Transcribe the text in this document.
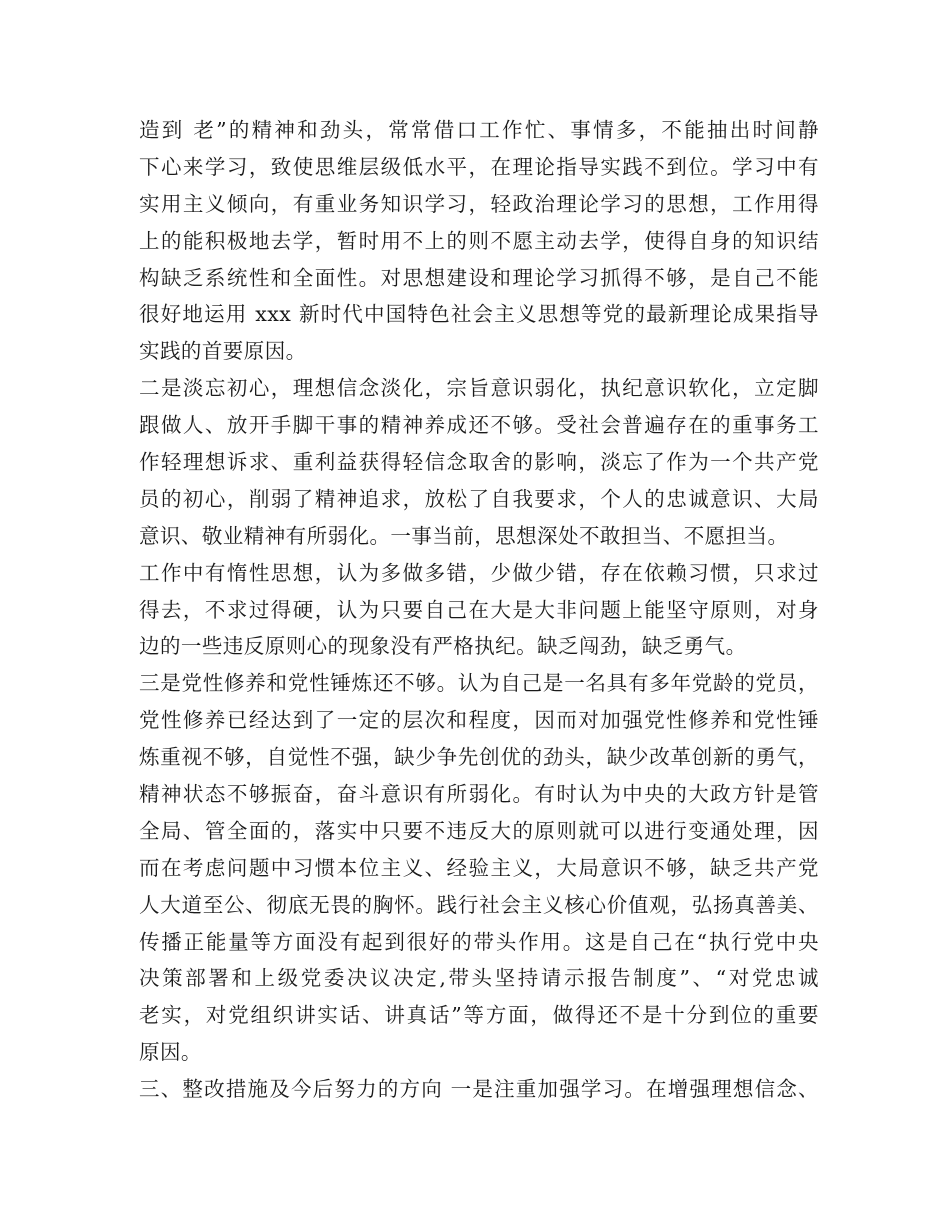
造到 老”的精神和劲头，常常借口工作忙、事情多，不能抽出时间静
下心来学习，致使思维层级低水平，在理论指导实践不到位。学习中有
实用主义倾向，有重业务知识学习，轻政治理论学习的思想，工作用得
上的能积极地去学，暂时用不上的则不愿主动去学，使得自身的知识结
构缺乏系统性和全面性。对思想建设和理论学习抓得不够，是自己不能
很好地运用 xxx 新时代中国特色社会主义思想等党的最新理论成果指导
实践的首要原因。
二是淡忘初心，理想信念淡化，宗旨意识弱化，执纪意识软化，立定脚
跟做人、放开手脚干事的精神养成还不够。受社会普遍存在的重事务工
作轻理想诉求、重利益获得轻信念取舍的影响，淡忘了作为一个共产党
员的初心，削弱了精神追求，放松了自我要求，个人的忠诚意识、大局
意识、敬业精神有所弱化。一事当前，思想深处不敢担当、不愿担当。
工作中有惰性思想，认为多做多错，少做少错，存在依赖习惯，只求过
得去，不求过得硬，认为只要自己在大是大非问题上能坚守原则，对身
边的一些违反原则心的现象没有严格执纪。缺乏闯劲，缺乏勇气。
三是党性修养和党性锤炼还不够。认为自己是一名具有多年党龄的党员，
党性修养已经达到了一定的层次和程度，因而对加强党性修养和党性锤
炼重视不够，自觉性不强，缺少争先创优的劲头，缺少改革创新的勇气，
精神状态不够振奋，奋斗意识有所弱化。有时认为中央的大政方针是管
全局、管全面的，落实中只要不违反大的原则就可以进行变通处理，因
而在考虑问题中习惯本位主义、经验主义，大局意识不够，缺乏共产党
人大道至公、彻底无畏的胸怀。践行社会主义核心价值观，弘扬真善美、
传播正能量等方面没有起到很好的带头作用。这是自己在“执行党中央
决策部署和上级党委决议决定,带头坚持请示报告制度”、“对党忠诚
老实，对党组织讲实话、讲真话”等方面，做得还不是十分到位的重要
原因。
三、整改措施及今后努力的方向 一是注重加强学习。在增强理想信念、
